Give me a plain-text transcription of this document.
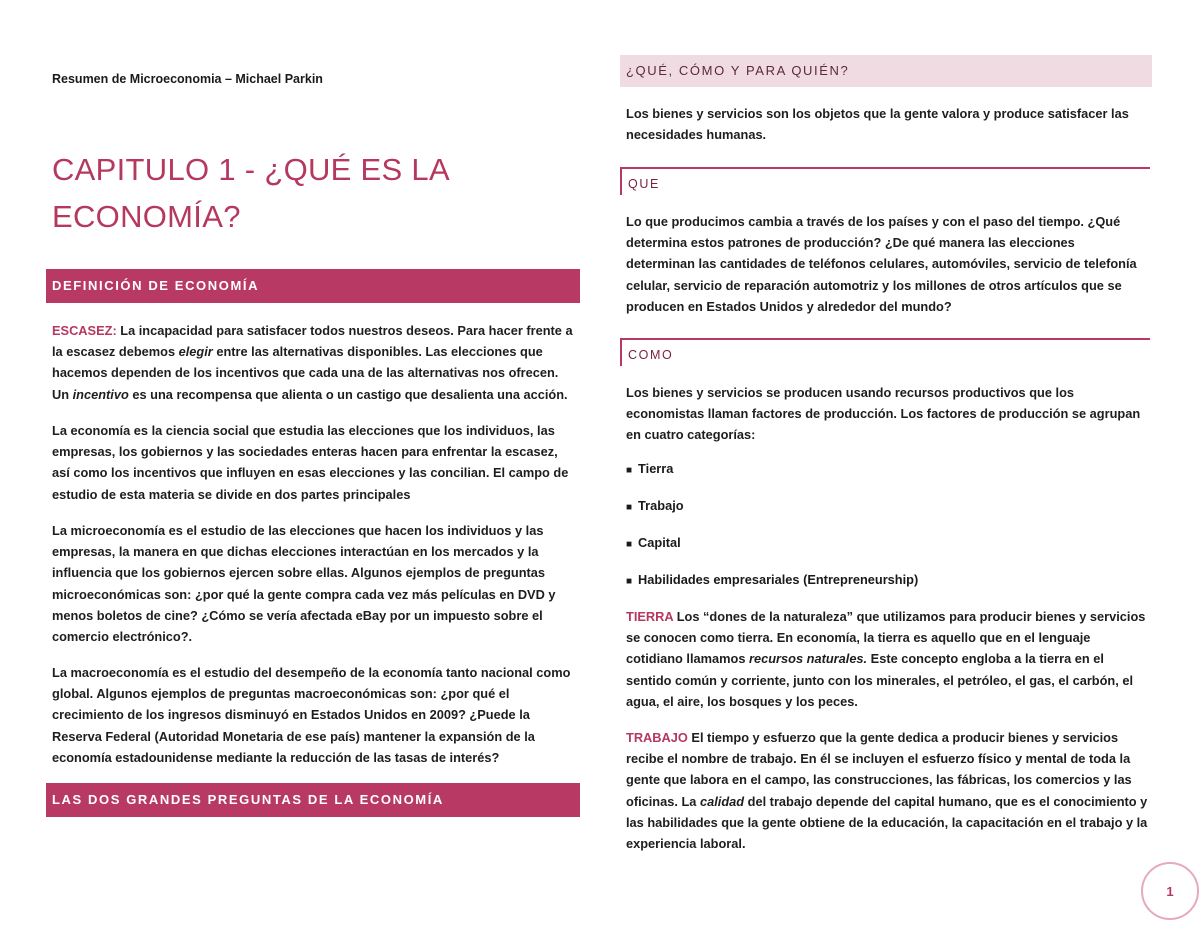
Resumen de Microeconomia – Michael Parkin
CAPITULO 1 - ¿QUÉ ES LA ECONOMÍA?
DEFINICIÓN DE ECONOMÍA

ESCASEZ: La incapacidad para satisfacer todos nuestros deseos. Para hacer frente a la escasez debemos elegir entre las alternativas disponibles. Las elecciones que hacemos dependen de los incentivos que cada una de las alternativas nos ofrecen. Un incentivo es una recompensa que alienta o un castigo que desalienta una acción.

La economía es la ciencia social que estudia las elecciones que los individuos, las empresas, los gobiernos y las sociedades enteras hacen para enfrentar la escasez, así como los incentivos que influyen en esas elecciones y las concilian. El campo de estudio de esta materia se divide en dos partes principales

La microeconomía es el estudio de las elecciones que hacen los individuos y las empresas, la manera en que dichas elecciones interactúan en los mercados y la influencia que los gobiernos ejercen sobre ellas. Algunos ejemplos de preguntas microeconómicas son: ¿por qué la gente compra cada vez más películas en DVD y menos boletos de cine? ¿Cómo se vería afectada eBay por un impuesto sobre el comercio electrónico?.

La macroeconomía es el estudio del desempeño de la economía tanto nacional como global. Algunos ejemplos de preguntas macroeconómicas son: ¿por qué el crecimiento de los ingresos disminuyó en Estados Unidos en 2009? ¿Puede la Reserva Federal (Autoridad Monetaria de ese país) mantener la expansión de la economía estadounidense mediante la reducción de las tasas de interés?

LAS DOS GRANDES PREGUNTAS DE LA ECONOMÍA
¿QUÉ, CÓMO Y PARA QUIÉN?

Los bienes y servicios son los objetos que la gente valora y produce satisfacer las necesidades humanas.

QUE

Lo que producimos cambia a través de los países y con el paso del tiempo. ¿Qué determina estos patrones de producción? ¿De qué manera las elecciones determinan las cantidades de teléfonos celulares, automóviles, servicio de telefonía celular, servicio de reparación automotriz y los millones de otros artículos que se producen en Estados Unidos y alrededor del mundo?

COMO

Los bienes y servicios se producen usando recursos productivos que los economistas llaman factores de producción. Los factores de producción se agrupan en cuatro categorías:

■ Tierra
■ Trabajo
■ Capital
■ Habilidades empresariales (Entrepreneurship)

TIERRA Los “dones de la naturaleza” que utilizamos para producir bienes y servicios se conocen como tierra. En economía, la tierra es aquello que en el lenguaje cotidiano llamamos recursos naturales. Este concepto engloba a la tierra en el sentido común y corriente, junto con los minerales, el petróleo, el gas, el carbón, el agua, el aire, los bosques y los peces.

TRABAJO El tiempo y esfuerzo que la gente dedica a producir bienes y servicios recibe el nombre de trabajo. En él se incluyen el esfuerzo físico y mental de toda la gente que labora en el campo, las construcciones, las fábricas, los comercios y las oficinas. La calidad del trabajo depende del capital humano, que es el conocimiento y las habilidades que la gente obtiene de la educación, la capacitación en el trabajo y la experiencia laboral.

1
